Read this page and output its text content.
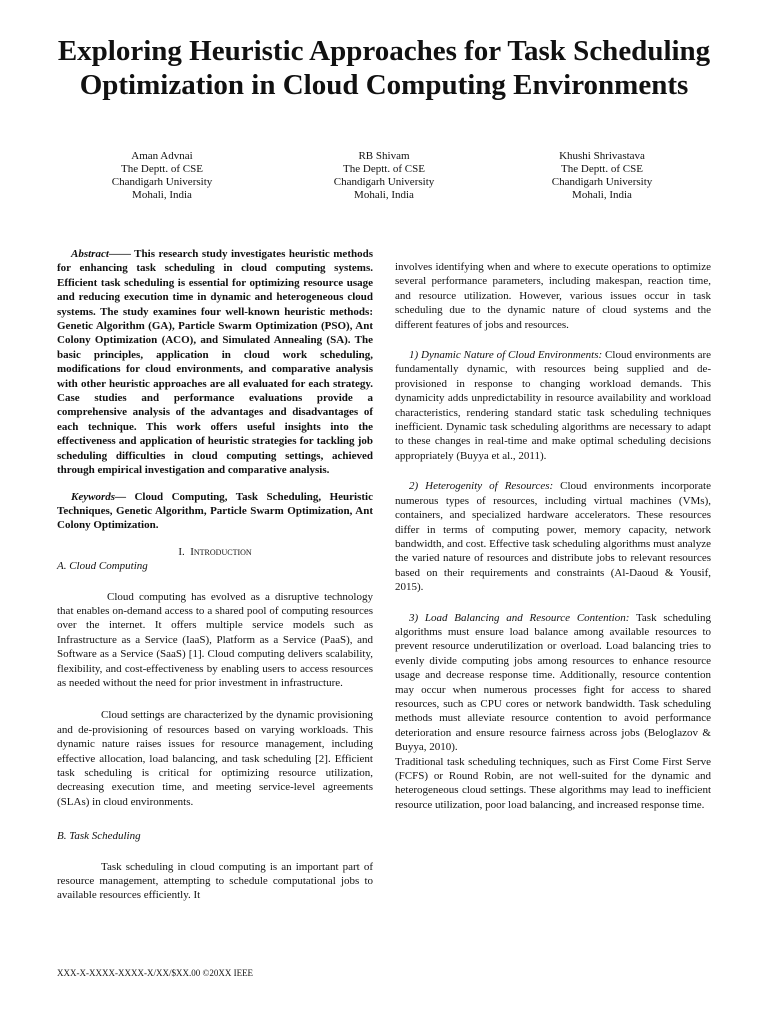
Exploring Heuristic Approaches for Task Scheduling Optimization in Cloud Computing Environments
Aman Advnai
The Deptt. of CSE
Chandigarh University
Mohali, India
RB Shivam
The Deptt. of CSE
Chandigarh University
Mohali, India
Khushi Shrivastava
The Deptt. of CSE
Chandigarh University
Mohali, India

Abstract—— This research study investigates heuristic methods for enhancing task scheduling in cloud computing systems. Efficient task scheduling is essential for optimizing resource usage and reducing execution time in dynamic and heterogeneous cloud systems. The study examines four well-known heuristic methods: Genetic Algorithm (GA), Particle Swarm Optimization (PSO), Ant Colony Optimization (ACO), and Simulated Annealing (SA). The basic principles, application in cloud work scheduling, modifications for cloud environments, and comparative analysis with other heuristic approaches are all evaluated for each strategy. Case studies and performance evaluations provide a comprehensive analysis of the advantages and disadvantages of each technique. This work offers useful insights into the effectiveness and application of heuristic strategies for tackling job scheduling difficulties in cloud computing settings, achieved through empirical investigation and comparative analysis.

Keywords— Cloud Computing, Task Scheduling, Heuristic Techniques, Genetic Algorithm, Particle Swarm Optimization, Ant Colony Optimization.

I. Introduction

A. Cloud Computing

Cloud computing has evolved as a disruptive technology that enables on-demand access to a shared pool of computing resources over the internet. It offers multiple service models such as Infrastructure as a Service (IaaS), Platform as a Service (PaaS), and Software as a Service (SaaS) [1]. Cloud computing delivers scalability, flexibility, and cost-effectiveness by enabling users to access resources as needed without the need for prior investment in infrastructure.

Cloud settings are characterized by the dynamic provisioning and de-provisioning of resources based on varying workloads. This dynamic nature raises issues for resource management, including effective allocation, load balancing, and task scheduling [2]. Efficient task scheduling is critical for optimizing resource utilization, decreasing execution time, and meeting service-level agreements (SLAs) in cloud environments.

B. Task Scheduling

Task scheduling in cloud computing is an important part of resource management, attempting to schedule computational jobs to available resources efficiently. It

involves identifying when and where to execute operations to optimize several performance parameters, including makespan, reaction time, and resource utilization. However, various issues occur in task scheduling due to the dynamic nature of cloud systems and the different features of jobs and resources.

1) Dynamic Nature of Cloud Environments: Cloud environments are fundamentally dynamic, with resources being supplied and de-provisioned in response to changing workload demands. This dynamicity adds unpredictability in resource availability and workload characteristics, rendering standard static task scheduling techniques inefficient. Dynamic task scheduling algorithms are necessary to adapt to these changes in real-time and make optimal scheduling decisions appropriately (Buyya et al., 2011).

2) Heterogenity of Resources: Cloud environments incorporate numerous types of resources, including virtual machines (VMs), containers, and specialized hardware accelerators. These resources differ in terms of computing power, memory capacity, network bandwidth, and cost. Effective task scheduling algorithms must analyze the varied nature of resources and distribute jobs to relevant resources based on their requirements and constraints (Al-Daoud & Yousif, 2015).

3) Load Balancing and Resource Contention: Task scheduling algorithms must ensure load balance among available resources to prevent resource underutilization or overload. Load balancing tries to evenly divide computing jobs among resources to enhance resource usage and decrease response time. Additionally, resource contention may occur when numerous processes fight for access to shared resources, such as CPU cores or network bandwidth. Task scheduling methods must alleviate resource contention to avoid performance deterioration and ensure resource fairness across jobs (Beloglazov & Buyya, 2010).

Traditional task scheduling techniques, such as First Come First Serve (FCFS) or Round Robin, are not well-suited for the dynamic and heterogeneous cloud settings. These algorithms may lead to inefficient resource utilization, poor load balancing, and increased response time.

XXX-X-XXXX-XXXX-X/XX/$XX.00 ©20XX IEEE
